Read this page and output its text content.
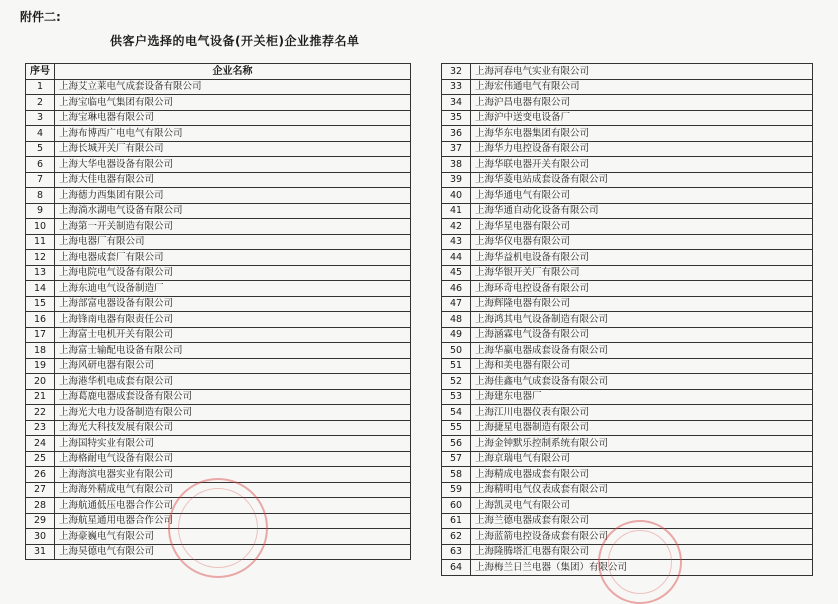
附件二:
供客户选择的电气设备(开关柜)企业推荐名单
序号	企业名称
1	上海艾立莱电气成套设备有限公司
2	上海宝临电气集团有限公司
3	上海宝琳电器有限公司
4	上海布博西广电电气有限公司
5	上海长城开关厂有限公司
6	上海大华电器设备有限公司
7	上海大佳电器有限公司
8	上海德力西集团有限公司
9	上海淌水湖电气设备有限公司
10	上海第一开关制造有限公司
11	上海电器厂有限公司
12	上海电器成套厂有限公司
13	上海电院电气设备有限公司
14	上海东迪电气设备制造厂
15	上海部富电器设备有限公司
16	上海锋南电器有限责任公司
17	上海富士电机开关有限公司
18	上海富士输配电设备有限公司
19	上海风研电器有限公司
20	上海港华机电成套有限公司
21	上海葛鹿电器成套设备有限公司
22	上海光大电力设备制造有限公司
23	上海光大科技发展有限公司
24	上海国特实业有限公司
25	上海格耐电气设备有限公司
26	上海海滨电器实业有限公司
27	上海海外精成电气有限公司
28	上海航通低压电器合作公司
29	上海航星通用电器合作公司
30	上海豪巍电气有限公司
31	上海昊德电气有限公司
32	上海河春电气实业有限公司
33	上海宏伟通电气有限公司
34	上海沪昌电器有限公司
35	上海沪中送变电设备厂
36	上海华东电器集团有限公司
37	上海华力电控设备有限公司
38	上海华联电器开关有限公司
39	上海华菱电站成套设备有限公司
40	上海华通电气有限公司
41	上海华通自动化设备有限公司
42	上海华星电器有限公司
43	上海华仪电器有限公司
44	上海华益机电设备有限公司
45	上海华银开关厂有限公司
46	上海环奇电控设备有限公司
47	上海辉隆电器有限公司
48	上海鸿其电气设备制造有限公司
49	上海涵霖电气设备有限公司
50	上海华嬴电器成套设备有限公司
51	上海和美电器有限公司
52	上海佳鑫电气成套设备有限公司
53	上海建东电器厂
54	上海江川电器仪表有限公司
55	上海捷星电器制造有限公司
56	上海金钟默乐控制系统有限公司
57	上海京瑞电气有限公司
58	上海精成电器成套有限公司
59	上海精明电气仪表成套有限公司
60	上海凯灵电气有限公司
61	上海兰德电器成套有限公司
62	上海蓝箭电控设备成套有限公司
63	上海隆腾塔汇电器有限公司
64	上海梅兰日兰电器（集团）有限公司
